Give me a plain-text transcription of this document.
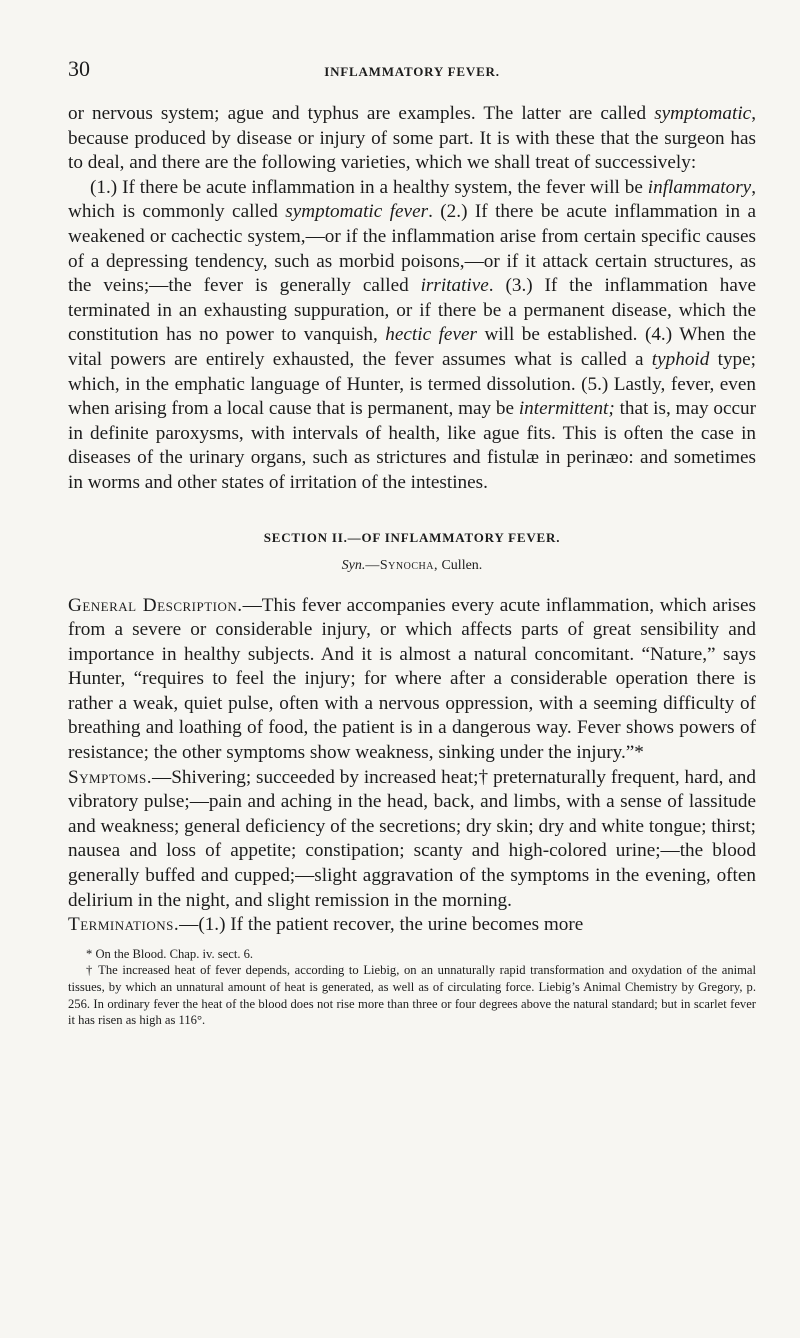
30	INFLAMMATORY FEVER.

or nervous system; ague and typhus are examples. The latter are called symptomatic, because produced by disease or injury of some part. It is with these that the surgeon has to deal, and there are the following varieties, which we shall treat of successively:

(1.) If there be acute inflammation in a healthy system, the fever will be inflammatory, which is commonly called symptomatic fever. (2.) If there be acute inflammation in a weakened or cachectic system,—or if the inflammation arise from certain specific causes of a depressing tendency, such as morbid poisons,—or if it attack certain structures, as the veins;—the fever is generally called irritative. (3.) If the inflammation have terminated in an exhausting suppuration, or if there be a permanent disease, which the constitution has no power to vanquish, hectic fever will be established. (4.) When the vital powers are entirely exhausted, the fever assumes what is called a typhoid type; which, in the emphatic language of Hunter, is termed dissolution. (5.) Lastly, fever, even when arising from a local cause that is permanent, may be intermittent; that is, may occur in definite paroxysms, with intervals of health, like ague fits. This is often the case in diseases of the urinary organs, such as strictures and fistulæ in perinæo: and sometimes in worms and other states of irritation of the intestines.

SECTION II.—OF INFLAMMATORY FEVER.
Syn.—Synocha, Cullen.

General Description.—This fever accompanies every acute inflammation, which arises from a severe or considerable injury, or which affects parts of great sensibility and importance in healthy subjects. And it is almost a natural concomitant. “Nature,” says Hunter, “requires to feel the injury; for where after a considerable operation there is rather a weak, quiet pulse, often with a nervous oppression, with a seeming difficulty of breathing and loathing of food, the patient is in a dangerous way. Fever shows powers of resistance; the other symptoms show weakness, sinking under the injury.”*

Symptoms.—Shivering; succeeded by increased heat;† preternaturally frequent, hard, and vibratory pulse;—pain and aching in the head, back, and limbs, with a sense of lassitude and weakness; general deficiency of the secretions; dry skin; dry and white tongue; thirst; nausea and loss of appetite; constipation; scanty and high-colored urine;—the blood generally buffed and cupped;—slight aggravation of the symptoms in the evening, often delirium in the night, and slight remission in the morning.

Terminations.—(1.) If the patient recover, the urine becomes more

* On the Blood. Chap. iv. sect. 6.

† The increased heat of fever depends, according to Liebig, on an unnaturally rapid transformation and oxydation of the animal tissues, by which an unnatural amount of heat is generated, as well as of circulating force. Liebig’s Animal Chemistry by Gregory, p. 256. In ordinary fever the heat of the blood does not rise more than three or four degrees above the natural standard; but in scarlet fever it has risen as high as 116°.
